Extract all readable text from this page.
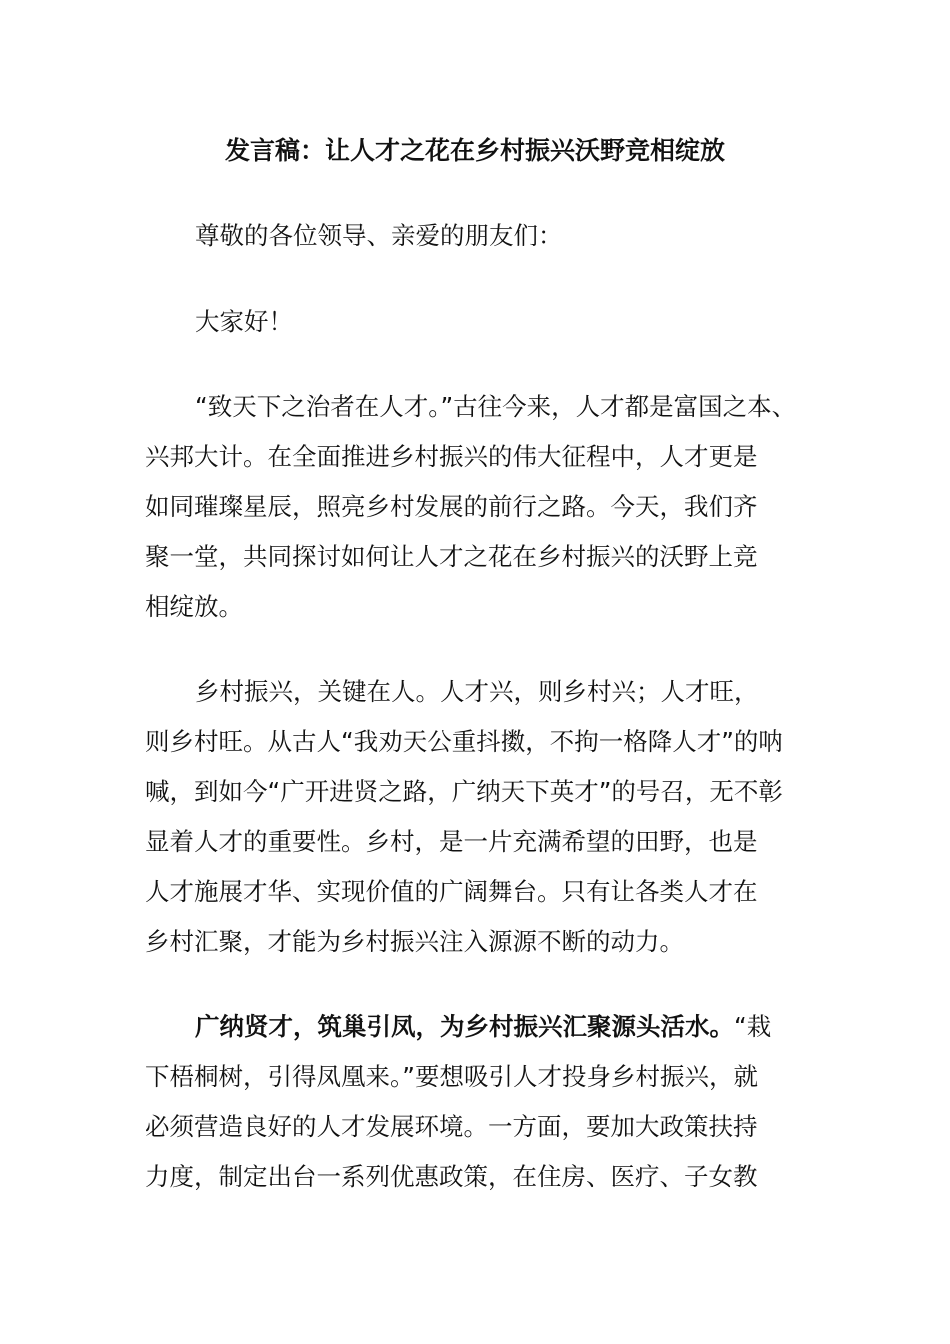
发言稿：让人才之花在乡村振兴沃野竞相绽放
尊敬的各位领导、亲爱的朋友们：
大家好！
“致天下之治者在人才。”古往今来，人才都是富国之本、
兴邦大计。在全面推进乡村振兴的伟大征程中，人才更是
如同璀璨星辰，照亮乡村发展的前行之路。今天，我们齐
聚一堂，共同探讨如何让人才之花在乡村振兴的沃野上竞
相绽放。
乡村振兴，关键在人。人才兴，则乡村兴；人才旺，
则乡村旺。从古人“我劝天公重抖擞，不拘一格降人才”的呐
喊，到如今“广开进贤之路，广纳天下英才”的号召，无不彰
显着人才的重要性。乡村，是一片充满希望的田野，也是
人才施展才华、实现价值的广阔舞台。只有让各类人才在
乡村汇聚，才能为乡村振兴注入源源不断的动力。
广纳贤才，筑巢引凤，为乡村振兴汇聚源头活水。“栽
下梧桐树，引得凤凰来。”要想吸引人才投身乡村振兴，就
必须营造良好的人才发展环境。一方面，要加大政策扶持
力度，制定出台一系列优惠政策，在住房、医疗、子女教
